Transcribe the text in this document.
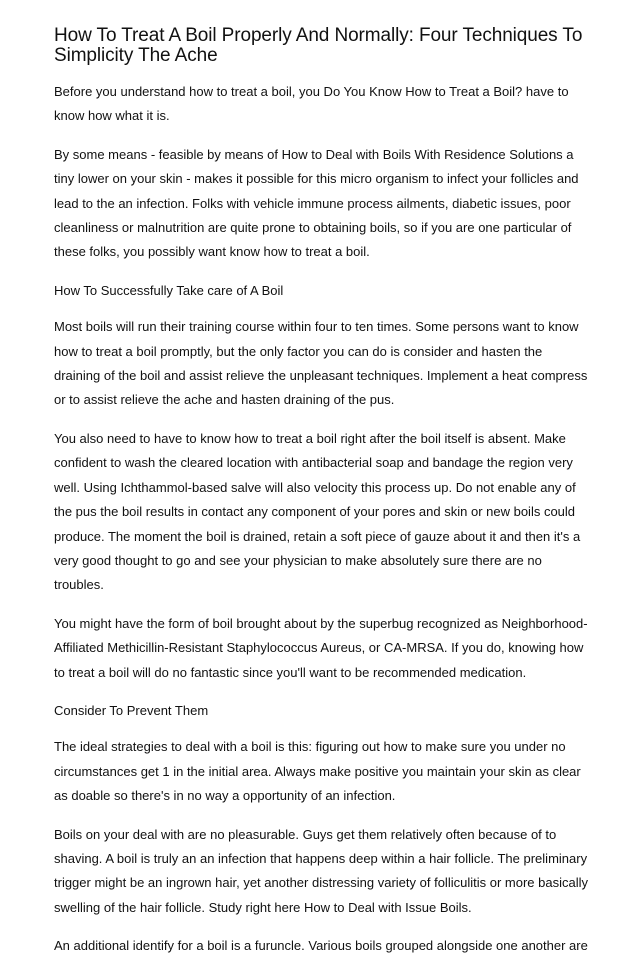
How To Treat A Boil Properly And Normally: Four Techniques To Simplicity The Ache

Before you understand how to treat a boil, you Do You Know How to Treat a Boil? have to know how what it is.

By some means - feasible by means of How to Deal with Boils With Residence Solutions a tiny lower on your skin - makes it possible for this micro organism to infect your follicles and lead to the an infection. Folks with vehicle immune process ailments, diabetic issues, poor cleanliness or malnutrition are quite prone to obtaining boils, so if you are one particular of these folks, you possibly want know how to treat a boil.

How To Successfully Take care of A Boil

Most boils will run their training course within four to ten times. Some persons want to know how to treat a boil promptly, but the only factor you can do is consider and hasten the draining of the boil and assist relieve the unpleasant techniques. Implement a heat compress or to assist relieve the ache and hasten draining of the pus.

You also need to have to know how to treat a boil right after the boil itself is absent. Make confident to wash the cleared location with antibacterial soap and bandage the region very well. Using Ichthammol-based salve will also velocity this process up. Do not enable any of the pus the boil results in contact any component of your pores and skin or new boils could produce. The moment the boil is drained, retain a soft piece of gauze about it and then it's a very good thought to go and see your physician to make absolutely sure there are no troubles.

You might have the form of boil brought about by the superbug recognized as Neighborhood-Affiliated Methicillin-Resistant Staphylococcus Aureus, or CA-MRSA. If you do, knowing how to treat a boil will do no fantastic since you'll want to be recommended medication.

Consider To Prevent Them

The ideal strategies to deal with a boil is this: figuring out how to make sure you under no circumstances get 1 in the initial area. Always make positive you maintain your skin as clear as doable so there's in no way a opportunity of an infection.

Boils on your deal with are no pleasurable. Guys get them relatively often because of to shaving. A boil is truly an an infection that happens deep within a hair follicle. The preliminary trigger might be an ingrown hair, yet another distressing variety of folliculitis or more basically swelling of the hair follicle. Study right here How to Deal with Issue Boils.

An additional identify for a boil is a furuncle. Various boils grouped alongside one another are
